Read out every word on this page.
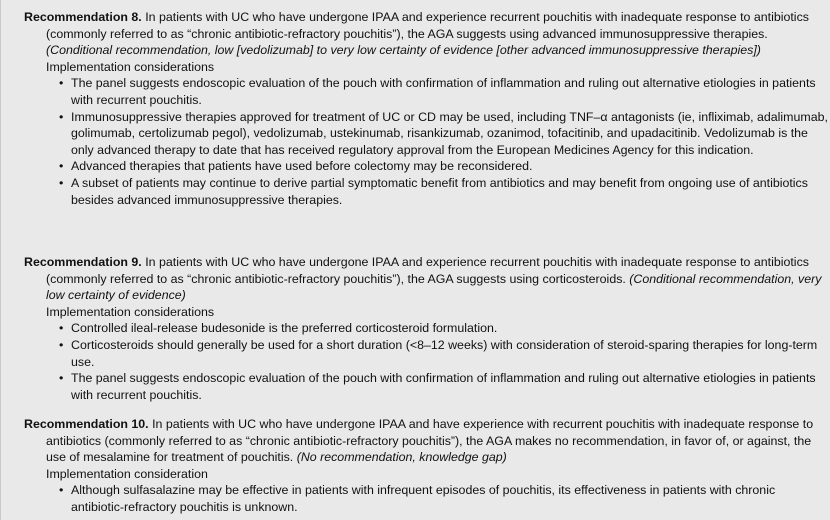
Recommendation 8. In patients with UC who have undergone IPAA and experience recurrent pouchitis with inadequate response to antibiotics (commonly referred to as “chronic antibiotic-refractory pouchitis”), the AGA suggests using advanced immunosuppressive therapies. (Conditional recommendation, low [vedolizumab] to very low certainty of evidence [other advanced immunosuppressive therapies])

Implementation considerations
• The panel suggests endoscopic evaluation of the pouch with confirmation of inflammation and ruling out alternative etiologies in patients with recurrent pouchitis.
• Immunosuppressive therapies approved for treatment of UC or CD may be used, including TNF–α antagonists (ie, infliximab, adalimumab, golimumab, certolizumab pegol), vedolizumab, ustekinumab, risankizumab, ozanimod, tofacitinib, and upadacitinib. Vedolizumab is the only advanced therapy to date that has received regulatory approval from the European Medicines Agency for this indication.
• Advanced therapies that patients have used before colectomy may be reconsidered.
• A subset of patients may continue to derive partial symptomatic benefit from antibiotics and may benefit from ongoing use of antibiotics besides advanced immunosuppressive therapies.

Recommendation 9. In patients with UC who have undergone IPAA and experience recurrent pouchitis with inadequate response to antibiotics (commonly referred to as “chronic antibiotic-refractory pouchitis”), the AGA suggests using corticosteroids. (Conditional recommendation, very low certainty of evidence)

Implementation considerations
• Controlled ileal-release budesonide is the preferred corticosteroid formulation.
• Corticosteroids should generally be used for a short duration (<8–12 weeks) with consideration of steroid-sparing therapies for long-term use.
• The panel suggests endoscopic evaluation of the pouch with confirmation of inflammation and ruling out alternative etiologies in patients with recurrent pouchitis.

Recommendation 10. In patients with UC who have undergone IPAA and have experience with recurrent pouchitis with inadequate response to antibiotics (commonly referred to as “chronic antibiotic-refractory pouchitis”), the AGA makes no recommendation, in favor of, or against, the use of mesalamine for treatment of pouchitis. (No recommendation, knowledge gap)

Implementation consideration
• Although sulfasalazine may be effective in patients with infrequent episodes of pouchitis, its effectiveness in patients with chronic antibiotic-refractory pouchitis is unknown.
